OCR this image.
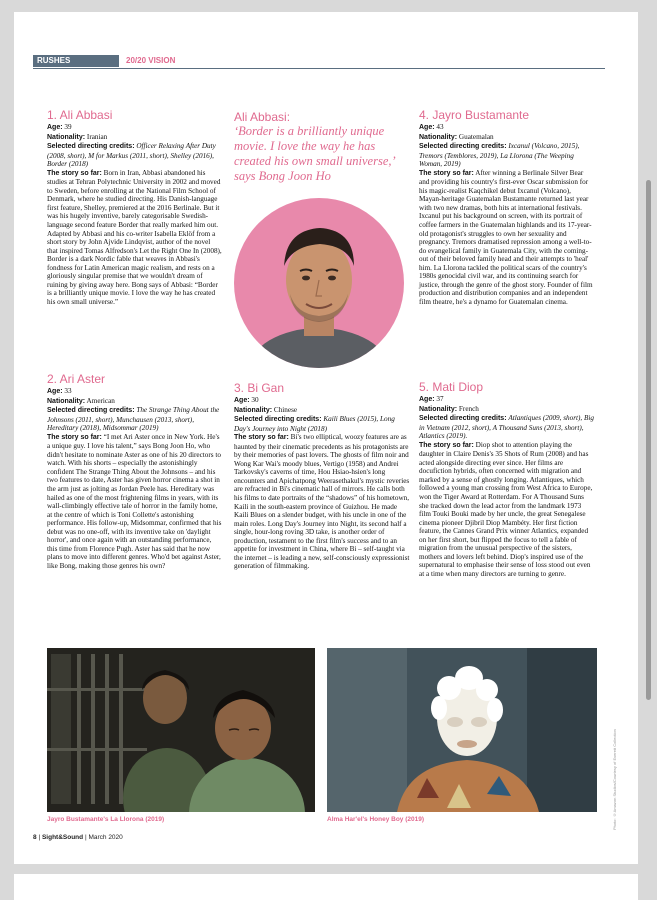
RUSHES	20/20 VISION
1. Ali Abbasi

Age: 39

Nationality: Iranian

Selected directing credits: Officer Relaxing After Duty (2008, short), M for Markus (2011, short), Shelley (2016), Border (2018)

The story so far: Born in Iran, Abbasi abandoned his studies at Tehran Polytechnic University in 2002 and moved to Sweden, before enrolling at the National Film School of Denmark, where he studied directing. His Danish-language first feature, Shelley, premiered at the 2016 Berlinale. But it was his hugely inventive, barely categorisable Swedish-language second feature Border that really marked him out. Adapted by Abbasi and his co-writer Isabella Eklöf from a short story by John Ajvide Lindqvist, author of the novel that inspired Tomas Alfredson's Let the Right One In (2008), Border is a dark Nordic fable that weaves in Abbasi's fondness for Latin American magic realism, and rests on a gloriously singular premise that we wouldn't dream of ruining by giving away here. Bong says of Abbasi: “Border is a brilliantly unique movie. I love the way he has created his own small universe.”

2. Ari Aster

Age: 33

Nationality: American

Selected directing credits: The Strange Thing About the Johnsons (2011, short), Munchausen (2013, short), Hereditary (2018), Midsommar (2019)

The story so far: “I met Ari Aster once in New York. He's a unique guy. I love his talent,” says Bong Joon Ho, who didn't hesitate to nominate Aster as one of his 20 directors to watch. With his shorts – especially the astonishingly confident The Strange Thing About the Johnsons – and his two features to date, Aster has given horror cinema a shot in the arm just as jolting as Jordan Peele has. Hereditary was hailed as one of the most frightening films in years, with its wall-climbingly effective tale of horror in the family home, at the centre of which is Toni Collette's astonishing performance. His follow-up, Midsommar, confirmed that his debut was no one-off, with its inventive take on 'daylight horror', and once again with an outstanding performance, this time from Florence Pugh. Aster has said that he now plans to move into different genres. Who'd bet against Aster, like Bong, making those genres his own?

Ali Abbasi:
‘Border is a brilliantly unique movie. I love the way he has created his own small universe,’ says Bong Joon Ho
3. Bi Gan

Age: 30

Nationality: Chinese

Selected directing credits: Kaili Blues (2015), Long Day's Journey into Night (2018)

The story so far: Bi's two elliptical, woozy features are as haunted by their cinematic precedents as his protagonists are by their memories of past lovers. The ghosts of film noir and Wong Kar Wai's moody blues, Vertigo (1958) and Andrei Tarkovsky's caverns of time, Hou Hsiao-hsien's long encounters and Apichatpong Weerasethakul's mystic reveries are refracted in Bi's cinematic hall of mirrors. He calls both his films to date portraits of the “shadows” of his hometown, Kaili in the south-eastern province of Guizhou. He made Kaili Blues on a slender budget, with his uncle in one of the main roles. Long Day's Journey into Night, its second half a single, hour-long roving 3D take, is another order of production, testament to the first film's success and to an appetite for investment in China, where Bi – self-taught via the internet – is leading a new, self-consciously expressionist generation of filmmaking.

4. Jayro Bustamante

Age: 43

Nationality: Guatemalan

Selected directing credits: Ixcanul (Volcano, 2015), Tremors (Temblores, 2019), La Llorona (The Weeping Woman, 2019)

The story so far: After winning a Berlinale Silver Bear and providing his country's first-ever Oscar submission for his magic-realist Kaqchikel debut Ixcanul (Volcano), Mayan-heritage Guatemalan Bustamante returned last year with two new dramas, both hits at international festivals. Ixcanul put his background on screen, with its portrait of coffee farmers in the Guatemalan highlands and its 17-year-old protagonist's struggles to own her sexuality and pregnancy. Tremors dramatised repression among a well-to-do evangelical family in Guatemala City, with the coming-out of their beloved family head and their attempts to 'heal' him. La Llorona tackled the political scars of the country's 1980s genocidal civil war, and its continuing search for justice, through the genre of the ghost story. Founder of film production and distribution companies and an independent film theatre, he's a dynamo for Guatemalan cinema.

5. Mati Diop

Age: 37

Nationality: French

Selected directing credits: Atlantiques (2009, short), Big in Vietnam (2012, short), A Thousand Suns (2013, short), Atlantics (2019).

The story so far: Diop shot to attention playing the daughter in Claire Denis's 35 Shots of Rum (2008) and has acted alongside directing ever since. Her films are docufiction hybrids, often concerned with migration and marked by a sense of ghostly longing. Atlantiques, which followed a young man crossing from West Africa to Europe, won the Tiger Award at Rotterdam. For A Thousand Suns she tracked down the lead actor from the landmark 1973 film Touki Bouki made by her uncle, the great Senegalese cinema pioneer Djibril Diop Mambéty. Her first fiction feature, the Cannes Grand Prix winner Atlantics, expanded on her first short, but flipped the focus to tell a fable of migration from the unusual perspective of the sisters, mothers and lovers left behind. Diop's inspired use of the supernatural to emphasise their sense of loss stood out even at a time when many directors are turning to genre.

Jayro Bustamante's La Llorona (2019)	Alma Har'el's Honey Boy (2019)	Photo: ©Amazon Studios/Courtesy of Everett Collection
8 | Sight&Sound | March 2020
